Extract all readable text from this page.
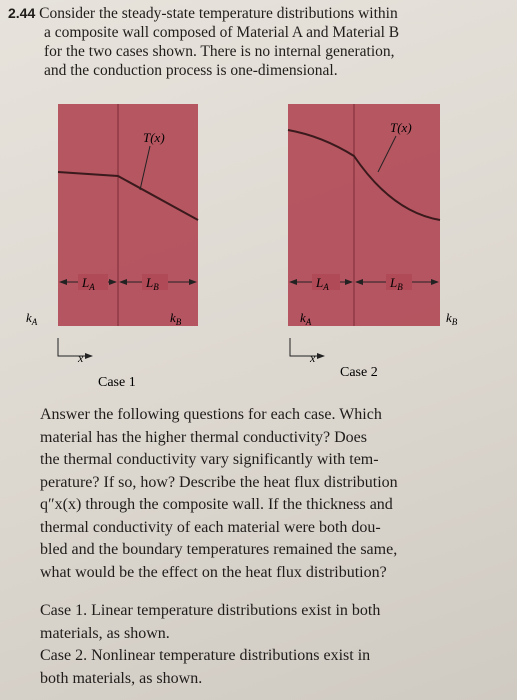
2.44 Consider the steady-state temperature distributions within
a composite wall composed of Material A and Material B
for the two cases shown. There is no internal generation,
and the conduction process is one-dimensional.
T(x)
$L_A$	$L_B$
$k_A$	$k_B$
x
Case 1
T(x)
$L_A$	$L_B$
$k_A$	$k_B$
x
Case 2
Answer the following questions for each case. Which
material has the higher thermal conductivity? Does
the thermal conductivity vary significantly with tem-
perature? If so, how? Describe the heat flux distribution
q″x(x) through the composite wall. If the thickness and
thermal conductivity of each material were both dou-
bled and the boundary temperatures remained the same,
what would be the effect on the heat flux distribution?

Case 1. Linear temperature distributions exist in both

materials, as shown.

Case 2. Nonlinear temperature distributions exist in

both materials, as shown.
